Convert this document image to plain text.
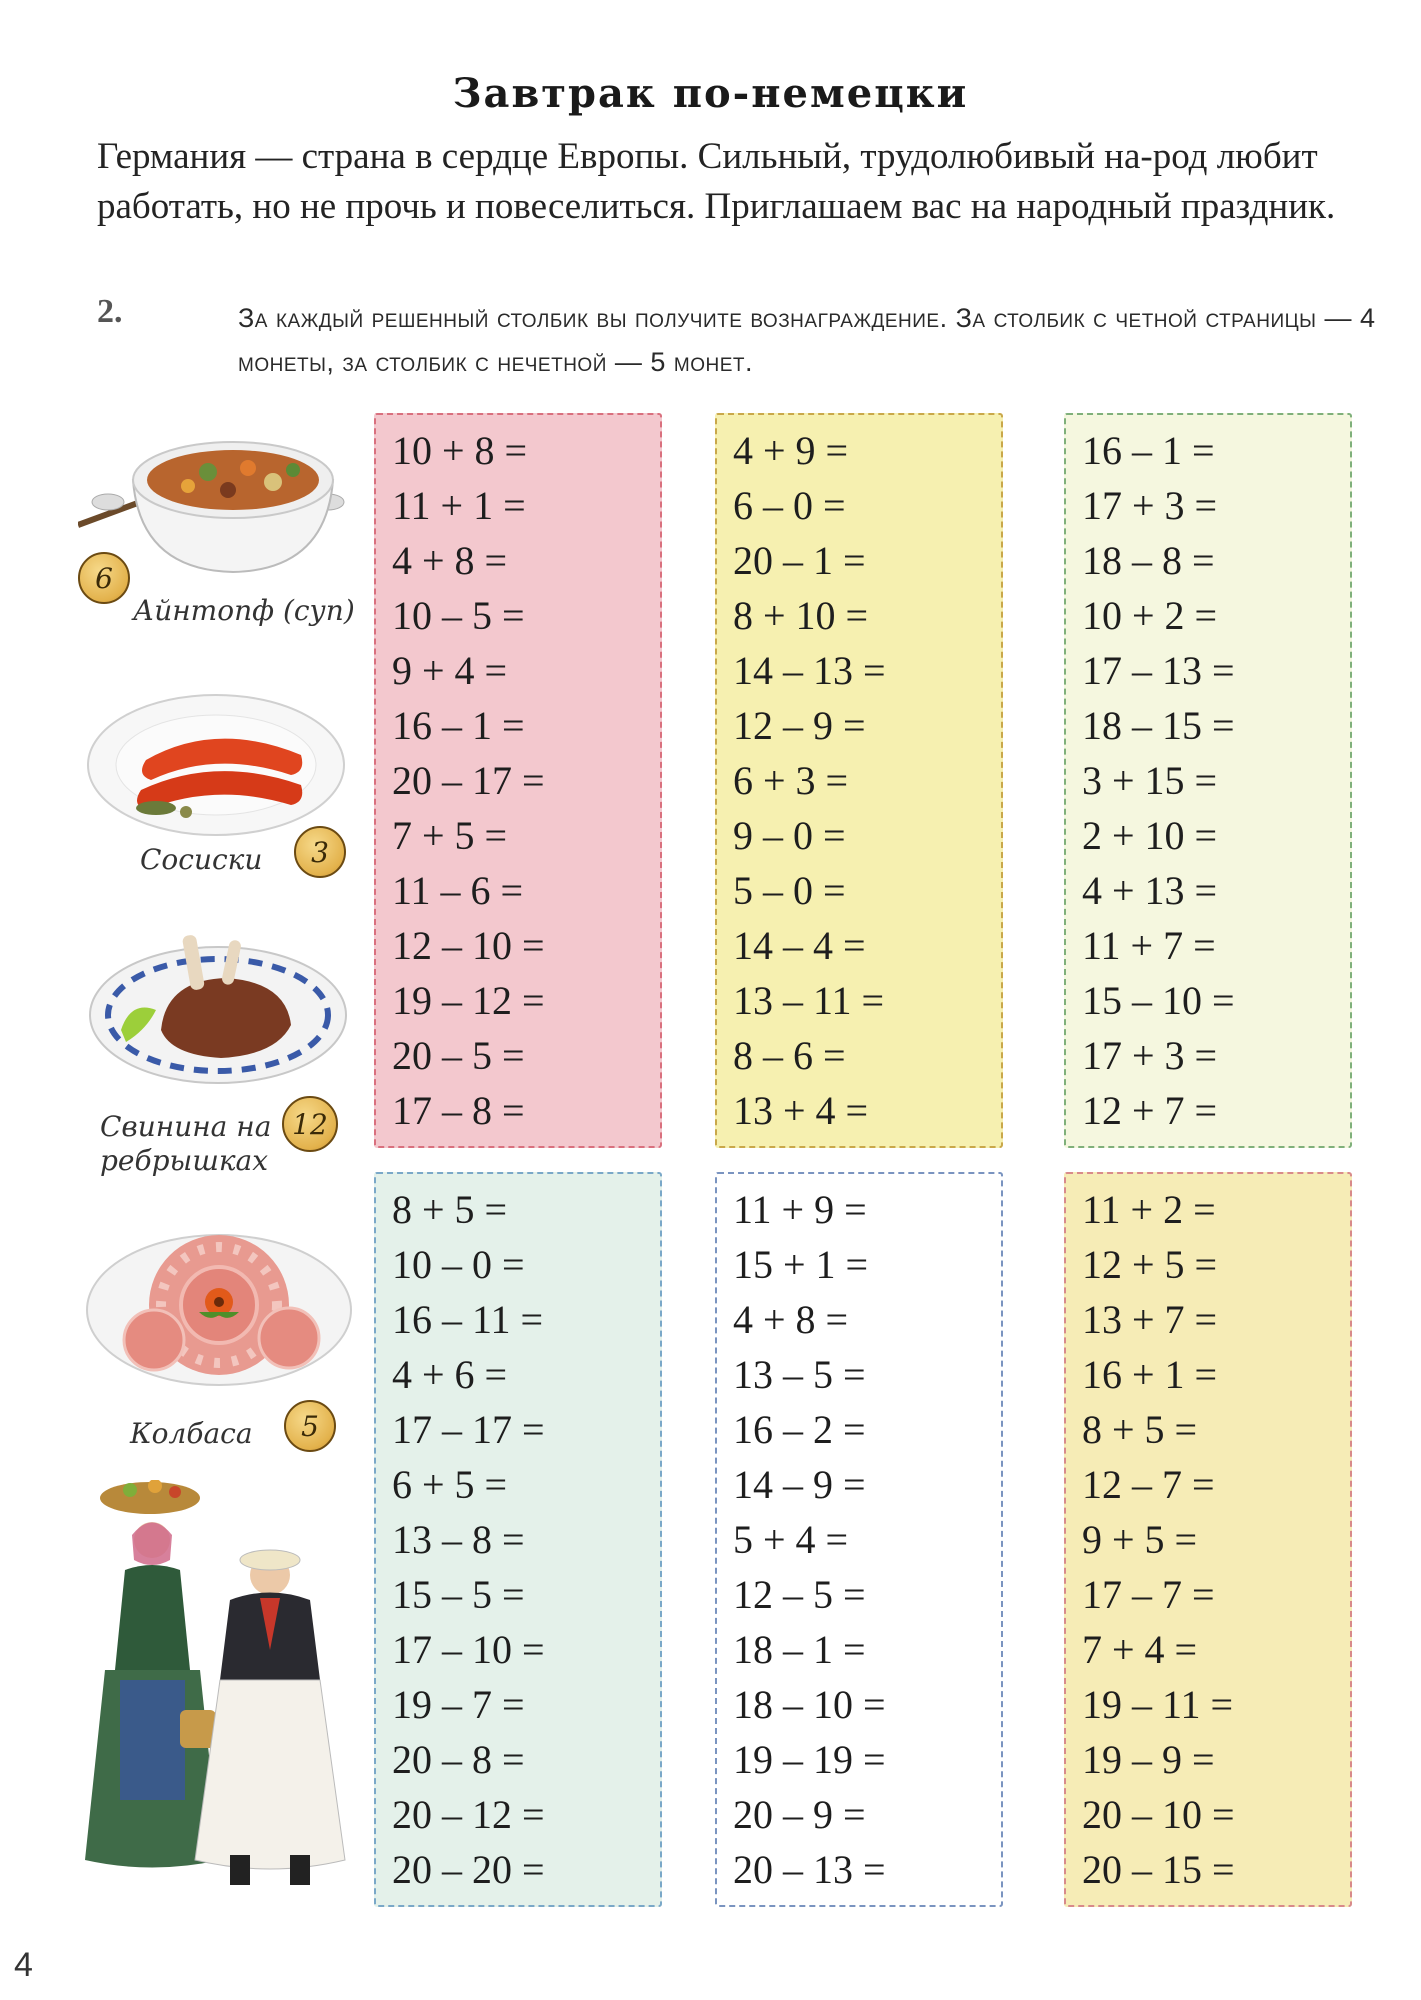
Завтрак по-немецки
Германия — страна в сердце Европы. Сильный, трудолюбивый на-род любит работать, но не прочь и повеселиться. Приглашаем вас на народный праздник.
2.	За каждый решенный столбик вы получите вознаграждение. За столбик с четной страницы — 4 монеты, за столбик с нечетной — 5 монет.
6
Айнтопф (суп)
Сосиски	3
Свинина на ребрышках
12
Колбаса	5
10 + 8 =
11 + 1 =
4 + 8 =
10 – 5 =
9 + 4 =
16 – 1 =
20 – 17 =
7 + 5 =
11 – 6 =
12 – 10 =
19 – 12 =
20 – 5 =
17 – 8 =
4 + 9 =
6 – 0 =
20 – 1 =
8 + 10 =
14 – 13 =
12 – 9 =
6 + 3 =
9 – 0 =
5 – 0 =
14 – 4 =
13 – 11 =
8 – 6 =
13 + 4 =
16 – 1 =
17 + 3 =
18 – 8 =
10 + 2 =
17 – 13 =
18 – 15 =
3 + 15 =
2 + 10 =
4 + 13 =
11 + 7 =
15 – 10 =
17 + 3 =
12 + 7 =
8 + 5 =
10 – 0 =
16 – 11 =
4 + 6 =
17 – 17 =
6 + 5 =
13 – 8 =
15 – 5 =
17 – 10 =
19 – 7 =
20 – 8 =
20 – 12 =
20 – 20 =
11 + 9 =
15 + 1 =
4 + 8 =
13 – 5 =
16 – 2 =
14 – 9 =
5 + 4 =
12 – 5 =
18 – 1 =
18 – 10 =
19 – 19 =
20 – 9 =
20 – 13 =
11 + 2 =
12 + 5 =
13 + 7 =
16 + 1 =
8 + 5 =
12 – 7 =
9 + 5 =
17 – 7 =
7 + 4 =
19 – 11 =
19 – 9 =
20 – 10 =
20 – 15 =
4
